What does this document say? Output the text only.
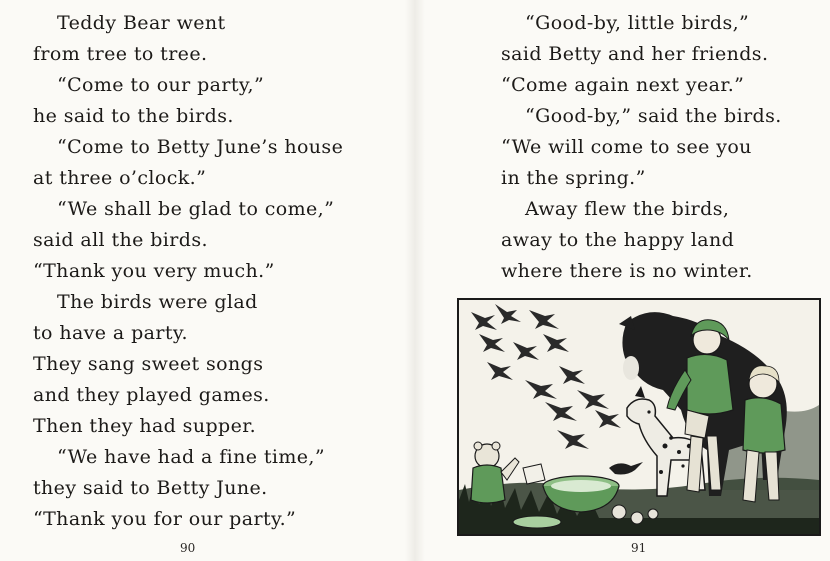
Teddy Bear went

from tree to tree.

“Come to our party,”

he said to the birds.

“Come to Betty June’s house

at three o’clock.”

“We shall be glad to come,”

said all the birds.

“Thank you very much.”

The birds were glad

to have a party.

They sang sweet songs

and they played games.

Then they had supper.

“We have had a fine time,”

they said to Betty June.

“Thank you for our party.”

90

“Good-by, little birds,”

said Betty and her friends.

“Come again next year.”

“Good-by,” said the birds.

“We will come to see you

in the spring.”

Away flew the birds,

away to the happy land

where there is no winter.

91
